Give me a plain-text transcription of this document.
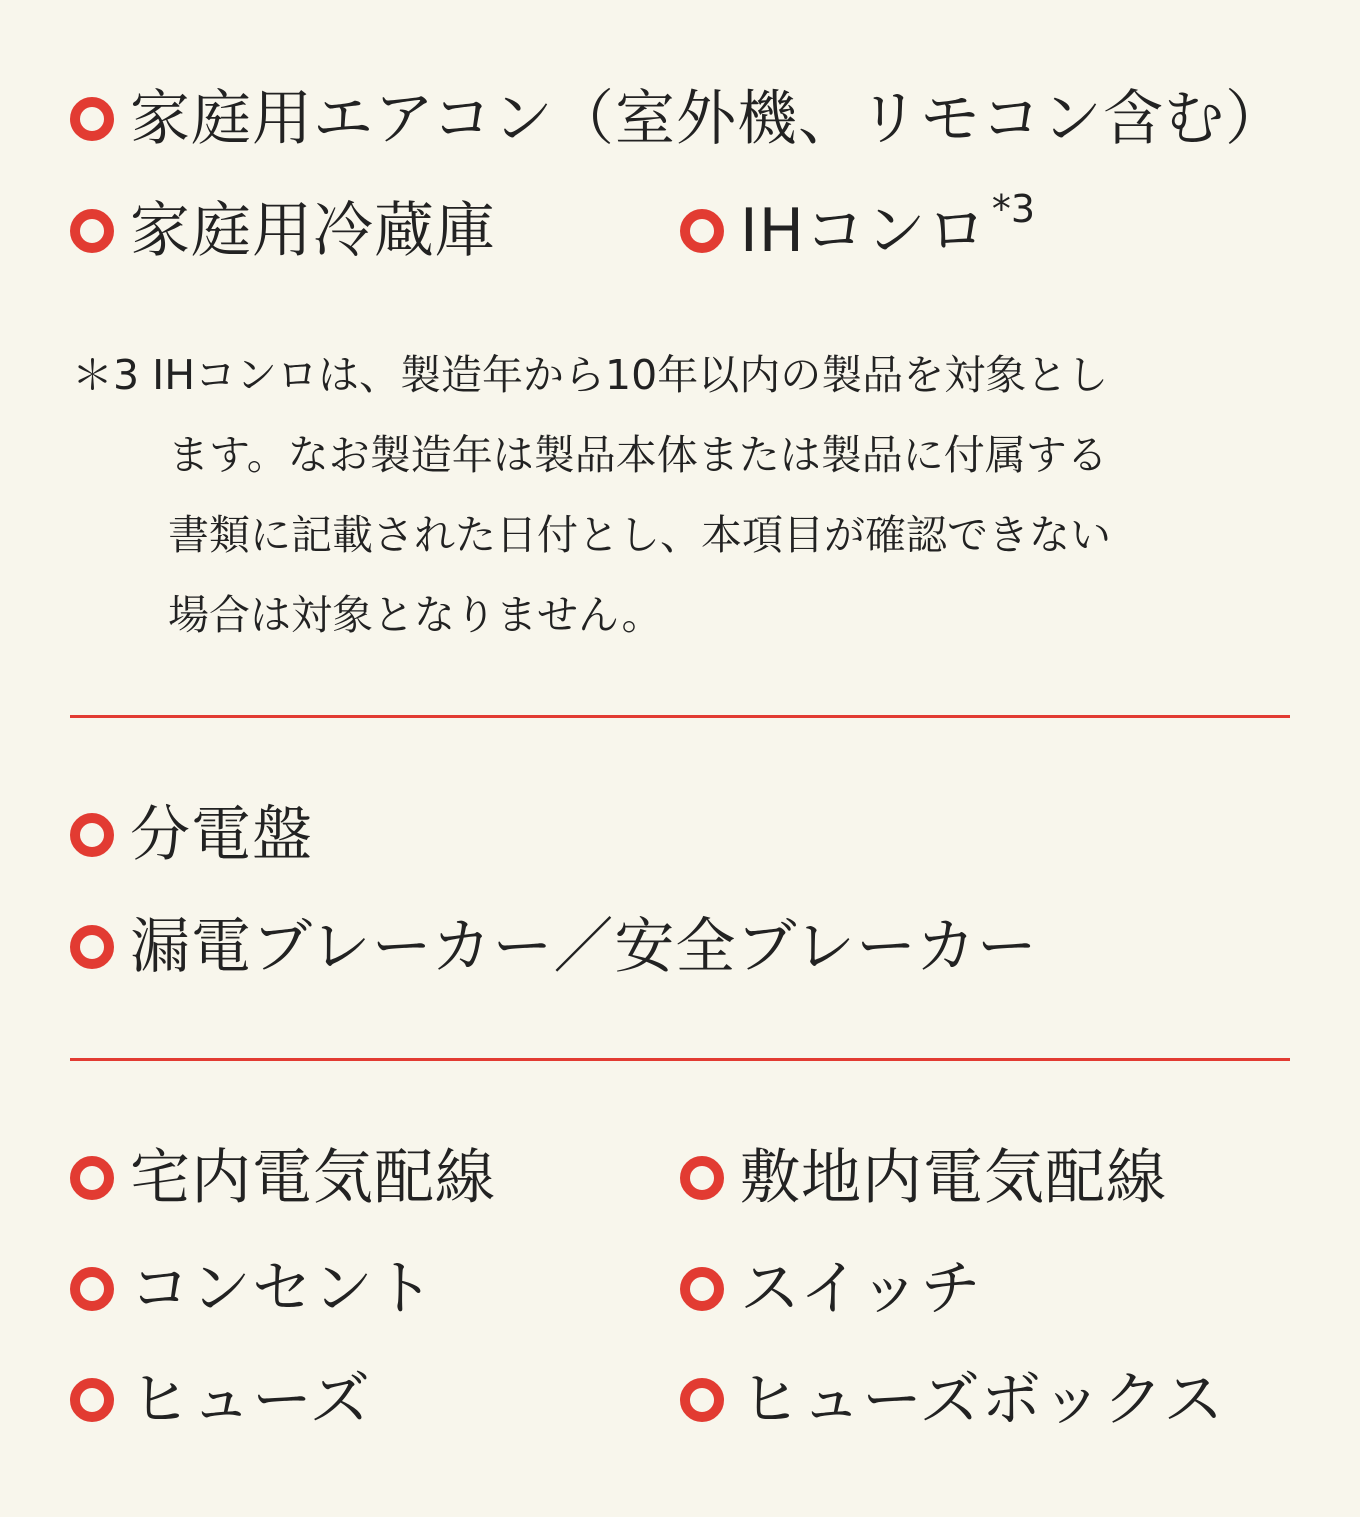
家庭用エアコン（室外機、リモコン含む）
家庭用冷蔵庫	IHコンロ *3
＊3 IHコンロは、製造年から10年以内の製品を対象とし
ます。なお製造年は製品本体または製品に付属する
書類に記載された日付とし、本項目が確認できない
場合は対象となりません。
分電盤
漏電ブレーカー／安全ブレーカー
宅内電気配線	敷地内電気配線
コンセント	スイッチ
ヒューズ	ヒューズボックス
